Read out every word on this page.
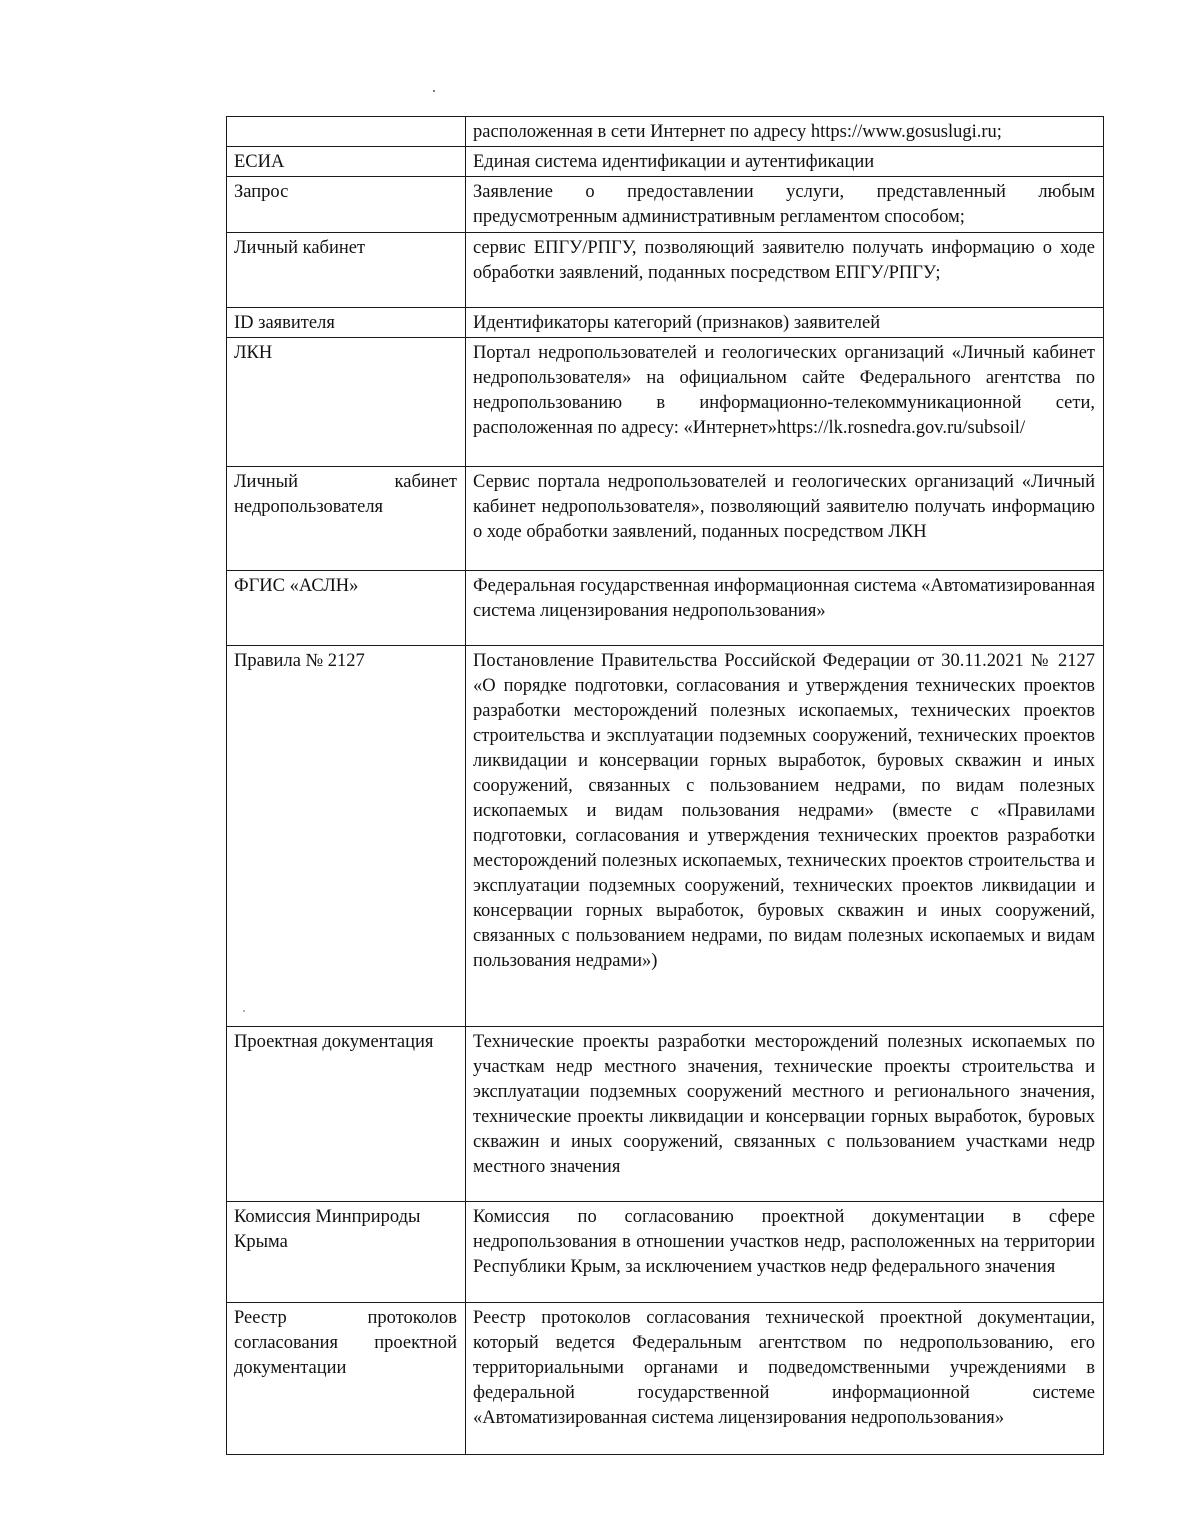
	расположенная в сети Интернет по адресу https://www.gosuslugi.ru;

ЕСИА	Единая система идентификации и аутентификации

Запрос	Заявление о предоставлении услуги, представленный любым предусмотренным административным регламентом способом;

Личный кабинет	сервис ЕПГУ/РПГУ, позволяющий заявителю получать информацию о ходе обработки заявлений, поданных посредством ЕПГУ/РПГУ;

ID заявителя	Идентификаторы категорий (признаков) заявителей

ЛКН	Портал недропользователей и геологических организаций «Личный кабинет недропользователя» на официальном сайте Федерального агентства по недропользованию в информационно-телекоммуникационной сети, расположенная по адресу: «Интернет»https://lk.rosnedra.gov.ru/subsoil/

Личный кабинет недропользователя	Сервис портала недропользователей и геологических организаций «Личный кабинет недропользователя», позволяющий заявителю получать информацию о ходе обработки заявлений, поданных посредством ЛКН

ФГИС «АСЛН»	Федеральная государственная информационная система «Автоматизированная система лицензирования недропользования»

Правила № 2127	Постановление Правительства Российской Федерации от 30.11.2021 № 2127 «О порядке подготовки, согласования и утверждения технических проектов разработки месторождений полезных ископаемых, технических проектов строительства и эксплуатации подземных сооружений, технических проектов ликвидации и консервации горных выработок, буровых скважин и иных сооружений, связанных с пользованием недрами, по видам полезных ископаемых и видам пользования недрами» (вместе с «Правилами подготовки, согласования и утверждения технических проектов разработки месторождений полезных ископаемых, технических проектов строительства и эксплуатации подземных сооружений, технических проектов ликвидации и консервации горных выработок, буровых скважин и иных сооружений, связанных с пользованием недрами, по видам полезных ископаемых и видам пользования недрами»)

Проектная документация	Технические проекты разработки месторождений полезных ископаемых по участкам недр местного значения, технические проекты строительства и эксплуатации подземных сооружений местного и регионального значения, технические проекты ликвидации и консервации горных выработок, буровых скважин и иных сооружений, связанных с пользованием участками недр местного значения

Комиссия Минприроды Крыма	Комиссия по согласованию проектной документации в сфере недропользования в отношении участков недр, расположенных на территории Республики Крым, за исключением участков недр федерального значения

Реестр протоколов согласования проектной документации	Реестр протоколов согласования технической проектной документации, который ведется Федеральным агентством по недропользованию, его территориальными органами и подведомственными учреждениями в федеральной государственной информационной системе «Автоматизированная система лицензирования недропользования»
